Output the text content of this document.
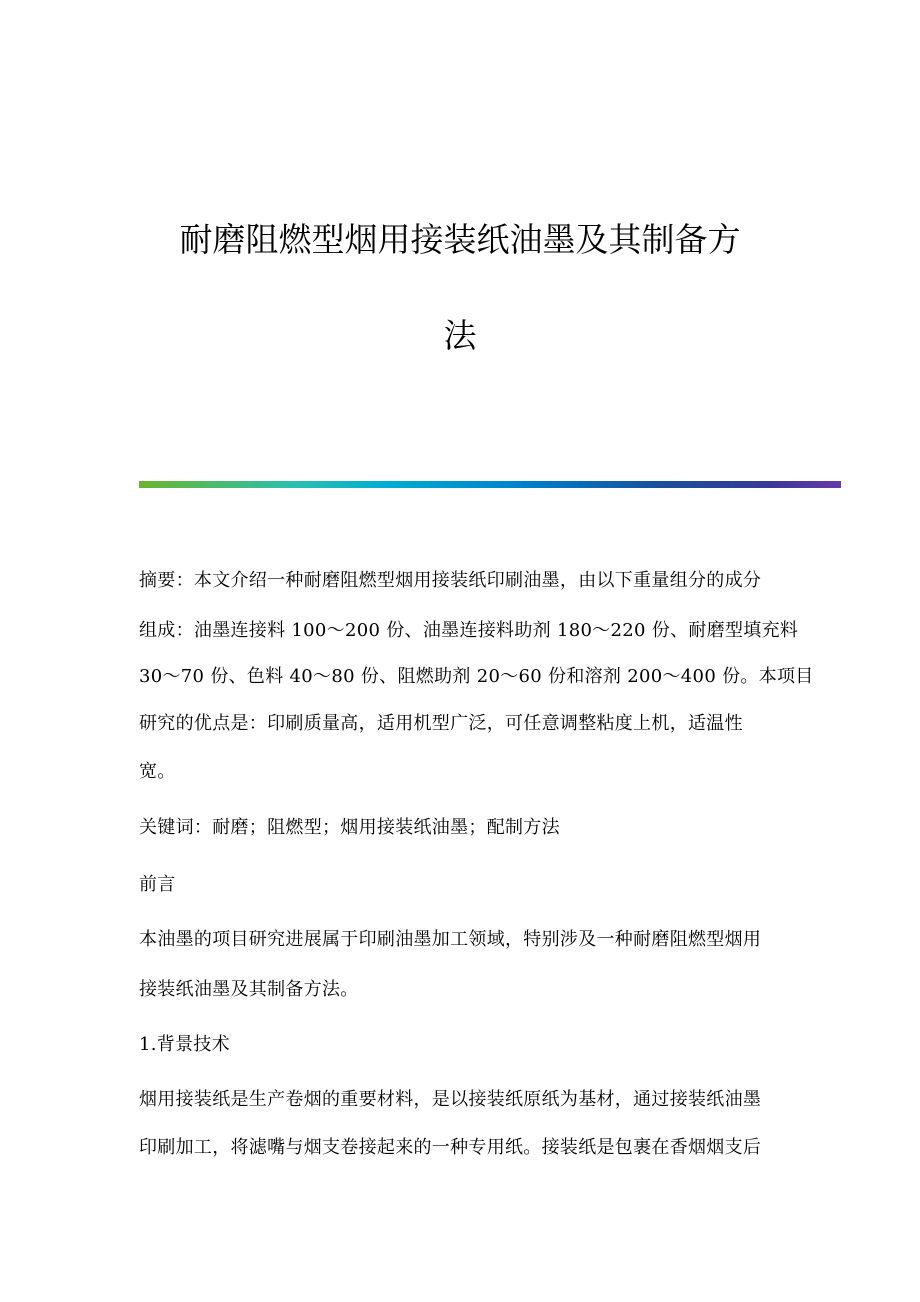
耐磨阻燃型烟用接装纸油墨及其制备方
法
摘要：本文介绍一种耐磨阻燃型烟用接装纸印刷油墨，由以下重量组分的成分
组成：油墨连接料 100～200 份、油墨连接料助剂 180～220 份、耐磨型填充料
30～70 份、色料 40～80 份、阻燃助剂 20～60 份和溶剂 200～400 份。本项目
研究的优点是：印刷质量高，适用机型广泛，可任意调整粘度上机，适温性
宽。
关键词：耐磨；阻燃型；烟用接装纸油墨；配制方法
前言
本油墨的项目研究进展属于印刷油墨加工领域，特别涉及一种耐磨阻燃型烟用
接装纸油墨及其制备方法。
1.背景技术
烟用接装纸是生产卷烟的重要材料，是以接装纸原纸为基材，通过接装纸油墨
印刷加工，将滤嘴与烟支卷接起来的一种专用纸。接装纸是包裹在香烟烟支后
